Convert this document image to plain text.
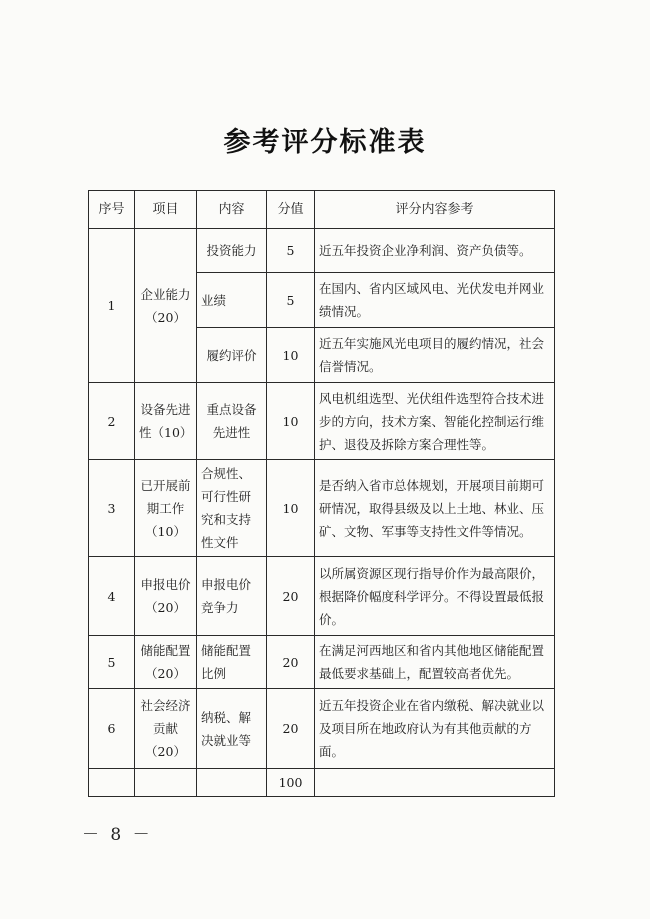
参考评分标准表
序号	项目	内容	分值	评分内容参考
1	企业能力（20）	投资能力	5	近五年投资企业净利润、资产负债等。
		业绩	5	在国内、省内区域风电、光伏发电并网业绩情况。
		履约评价	10	近五年实施风光电项目的履约情况，社会信誉情况。
2	设备先进性（10）	重点设备先进性	10	风电机组选型、光伏组件选型符合技术进步的方向，技术方案、智能化控制运行维护、退役及拆除方案合理性等。
3	已开展前期工作（10）	合规性、可行性研究和支持性文件	10	是否纳入省市总体规划，开展项目前期可研情况，取得县级及以上土地、林业、压矿、文物、军事等支持性文件等情况。
4	申报电价（20）	申报电价竞争力	20	以所属资源区现行指导价作为最高限价，根据降价幅度科学评分。不得设置最低报价。
5	储能配置（20）	储能配置比例	20	在满足河西地区和省内其他地区储能配置最低要求基础上，配置较高者优先。
6	社会经济贡献（20）	纳税、解决就业等	20	近五年投资企业在省内缴税、解决就业以及项目所在地政府认为有其他贡献的方面。
			100	
－ 8 －
